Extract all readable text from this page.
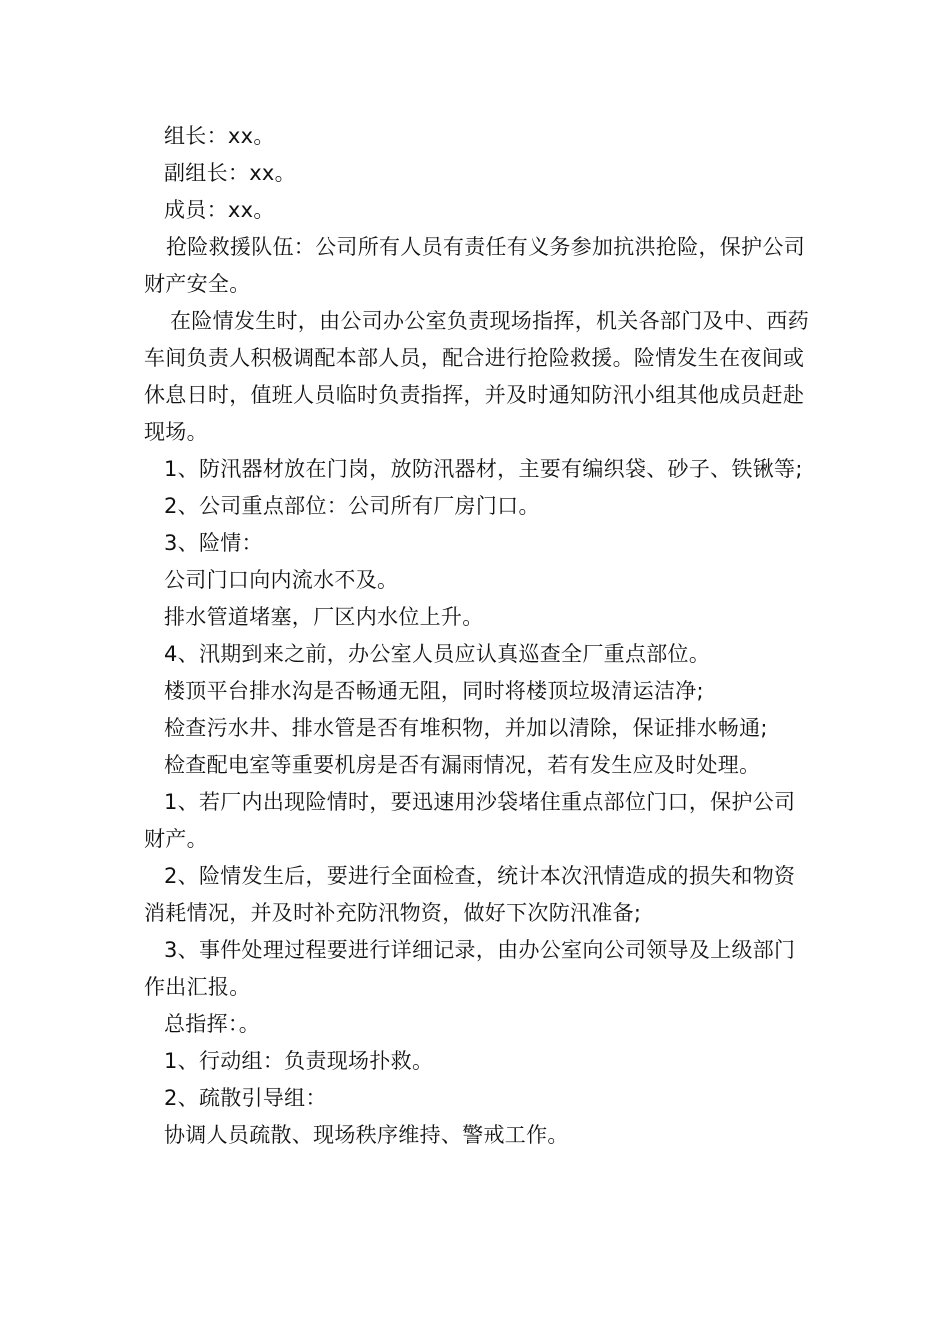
组长：xx。

副组长：xx。

成员：xx。

抢险救援队伍：公司所有人员有责任有义务参加抗洪抢险，保护公司财产安全。

在险情发生时，由公司办公室负责现场指挥，机关各部门及中、西药车间负责人积极调配本部人员，配合进行抢险救援。险情发生在夜间或休息日时，值班人员临时负责指挥，并及时通知防汛小组其他成员赶赴现场。

1、防汛器材放在门岗，放防汛器材，主要有编织袋、砂子、铁锹等;

2、公司重点部位：公司所有厂房门口。

3、险情：

公司门口向内流水不及。

排水管道堵塞，厂区内水位上升。

4、汛期到来之前，办公室人员应认真巡查全厂重点部位。

楼顶平台排水沟是否畅通无阻，同时将楼顶垃圾清运洁净;

检查污水井、排水管是否有堆积物，并加以清除，保证排水畅通;

检查配电室等重要机房是否有漏雨情况，若有发生应及时处理。

1、若厂内出现险情时，要迅速用沙袋堵住重点部位门口，保护公司财产。

2、险情发生后，要进行全面检查，统计本次汛情造成的损失和物资消耗情况，并及时补充防汛物资，做好下次防汛准备;

3、事件处理过程要进行详细记录，由办公室向公司领导及上级部门作出汇报。

总指挥：。

1、行动组：负责现场扑救。

2、疏散引导组：

协调人员疏散、现场秩序维持、警戒工作。
